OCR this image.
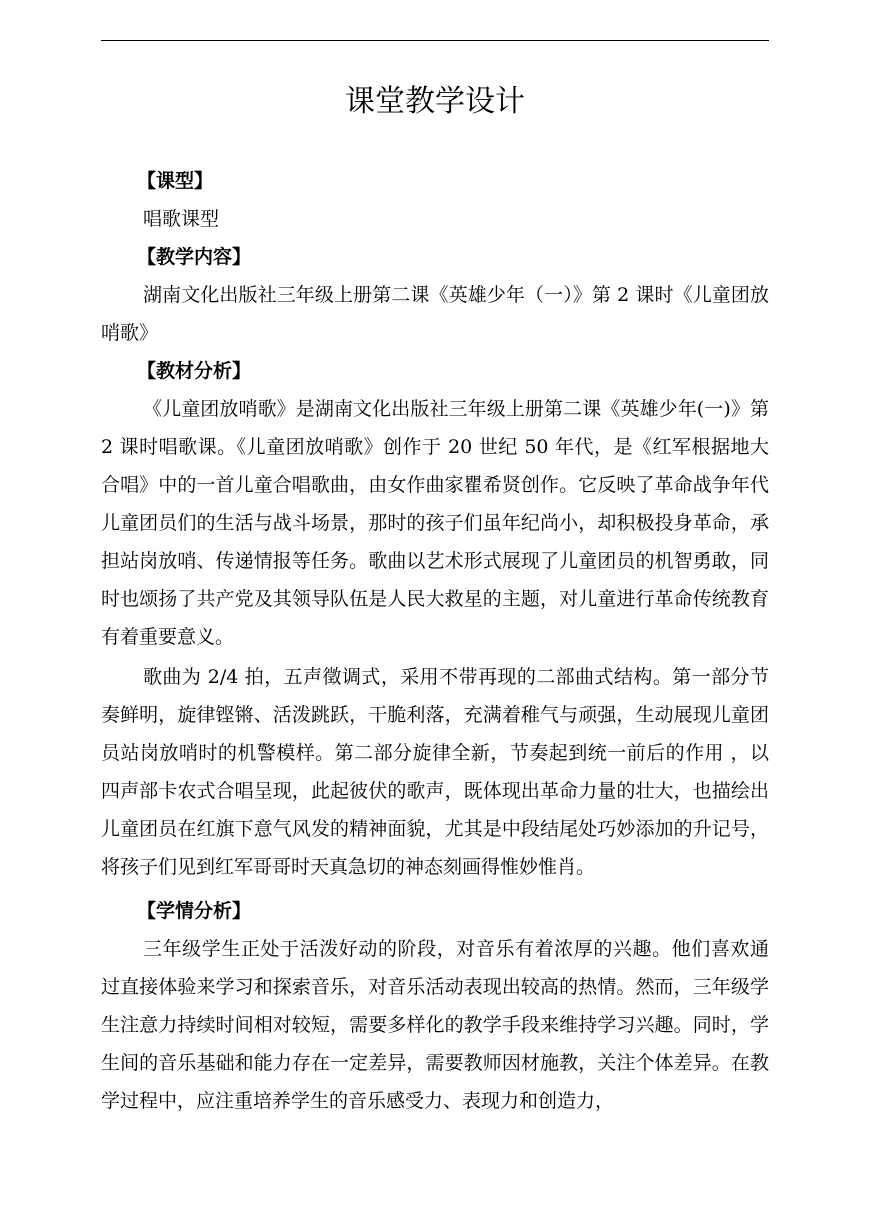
课堂教学设计
【课型】
唱歌课型
【教学内容】

湖南文化出版社三年级上册第二课《英雄少年（一）》第 2 课时《儿童团放哨歌》

【教材分析】

《儿童团放哨歌》是湖南文化出版社三年级上册第二课《英雄少年(一)》第 2 课时唱歌课。《儿童团放哨歌》创作于 20 世纪 50 年代，是《红军根据地大合唱》中的一首儿童合唱歌曲，由女作曲家瞿希贤创作。它反映了革命战争年代儿童团员们的生活与战斗场景，那时的孩子们虽年纪尚小，却积极投身革命，承担站岗放哨、传递情报等任务。歌曲以艺术形式展现了儿童团员的机智勇敢，同时也颂扬了共产党及其领导队伍是人民大救星的主题，对儿童进行革命传统教育有着重要意义。

歌曲为 2/4 拍，五声徵调式，采用不带再现的二部曲式结构。第一部分节奏鲜明，旋律铿锵、活泼跳跃，干脆利落，充满着稚气与顽强，生动展现儿童团员站岗放哨时的机警模样。第二部分旋律全新，节奏起到统一前后的作用 ，以四声部卡农式合唱呈现，此起彼伏的歌声，既体现出革命力量的壮大，也描绘出儿童团员在红旗下意气风发的精神面貌，尤其是中段结尾处巧妙添加的升记号，将孩子们见到红军哥哥时天真急切的神态刻画得惟妙惟肖。

【学情分析】

三年级学生正处于活泼好动的阶段，对音乐有着浓厚的兴趣。他们喜欢通过直接体验来学习和探索音乐，对音乐活动表现出较高的热情。然而，三年级学生注意力持续时间相对较短，需要多样化的教学手段来维持学习兴趣。同时，学生间的音乐基础和能力存在一定差异，需要教师因材施教，关注个体差异。在教学过程中，应注重培养学生的音乐感受力、表现力和创造力，
